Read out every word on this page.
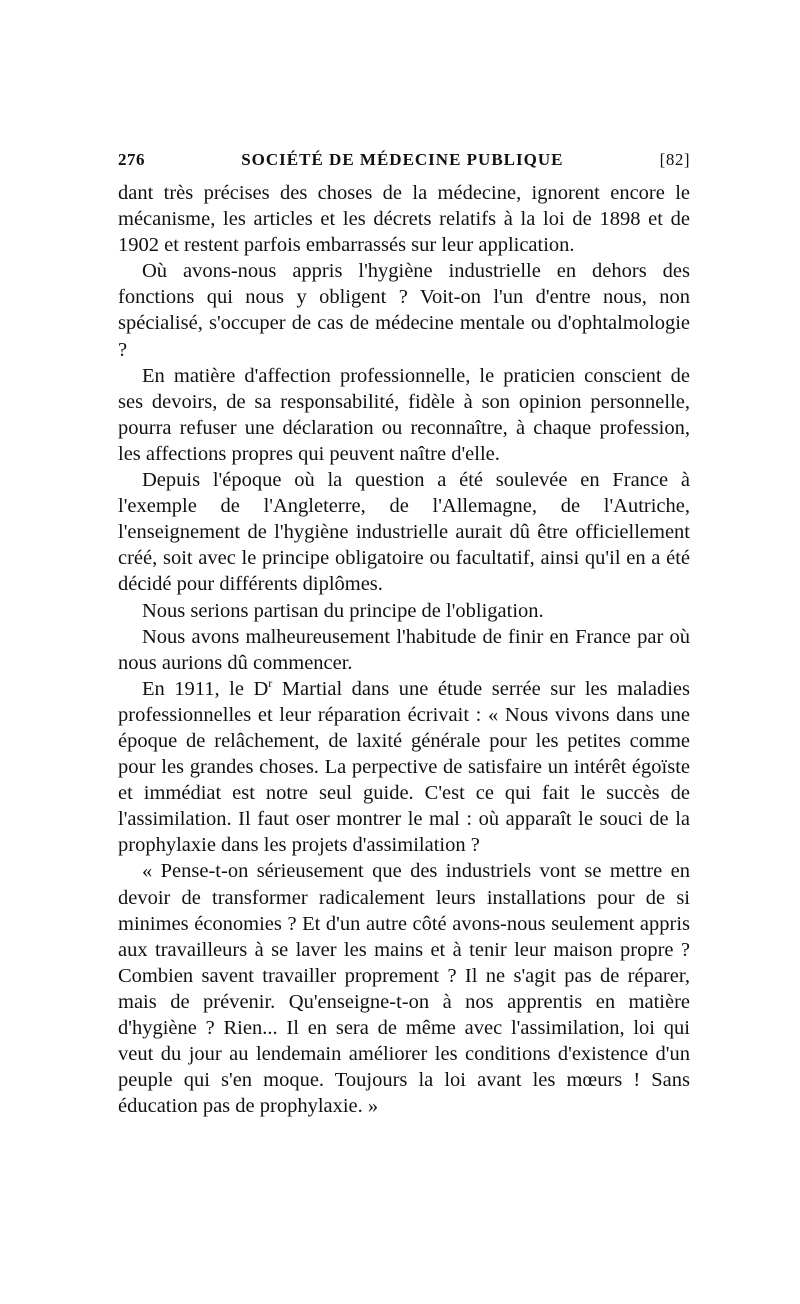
276	SOCIÉTÉ DE MÉDECINE PUBLIQUE	[82]

dant très précises des choses de la médecine, ignorent encore le mécanisme, les articles et les décrets relatifs à la loi de 1898 et de 1902 et restent parfois embarrassés sur leur application.

Où avons-nous appris l'hygiène industrielle en dehors des fonctions qui nous y obligent ? Voit-on l'un d'entre nous, non spécialisé, s'occuper de cas de médecine mentale ou d'ophtalmologie ?

En matière d'affection professionnelle, le praticien conscient de ses devoirs, de sa responsabilité, fidèle à son opinion personnelle, pourra refuser une déclaration ou reconnaître, à chaque profession, les affections propres qui peuvent naître d'elle.

Depuis l'époque où la question a été soulevée en France à l'exemple de l'Angleterre, de l'Allemagne, de l'Autriche, l'enseignement de l'hygiène industrielle aurait dû être officiellement créé, soit avec le principe obligatoire ou facultatif, ainsi qu'il en a été décidé pour différents diplômes.

Nous serions partisan du principe de l'obligation.

Nous avons malheureusement l'habitude de finir en France par où nous aurions dû commencer.

En 1911, le $D^r$ Martial dans une étude serrée sur les maladies professionnelles et leur réparation écrivait : « Nous vivons dans une époque de relâchement, de laxité générale pour les petites comme pour les grandes choses. La perpective de satisfaire un intérêt égoïste et immédiat est notre seul guide. C'est ce qui fait le succès de l'assimilation. Il faut oser montrer le mal : où apparaît le souci de la prophylaxie dans les projets d'assimilation ?

« Pense-t-on sérieusement que des industriels vont se mettre en devoir de transformer radicalement leurs installations pour de si minimes économies ? Et d'un autre côté avons-nous seulement appris aux travailleurs à se laver les mains et à tenir leur maison propre ? Combien savent travailler proprement ? Il ne s'agit pas de réparer, mais de prévenir. Qu'enseigne-t-on à nos apprentis en matière d'hygiène ? Rien... Il en sera de même avec l'assimilation, loi qui veut du jour au lendemain améliorer les conditions d'existence d'un peuple qui s'en moque. Toujours la loi avant les mœurs ! Sans éducation pas de prophylaxie. »
